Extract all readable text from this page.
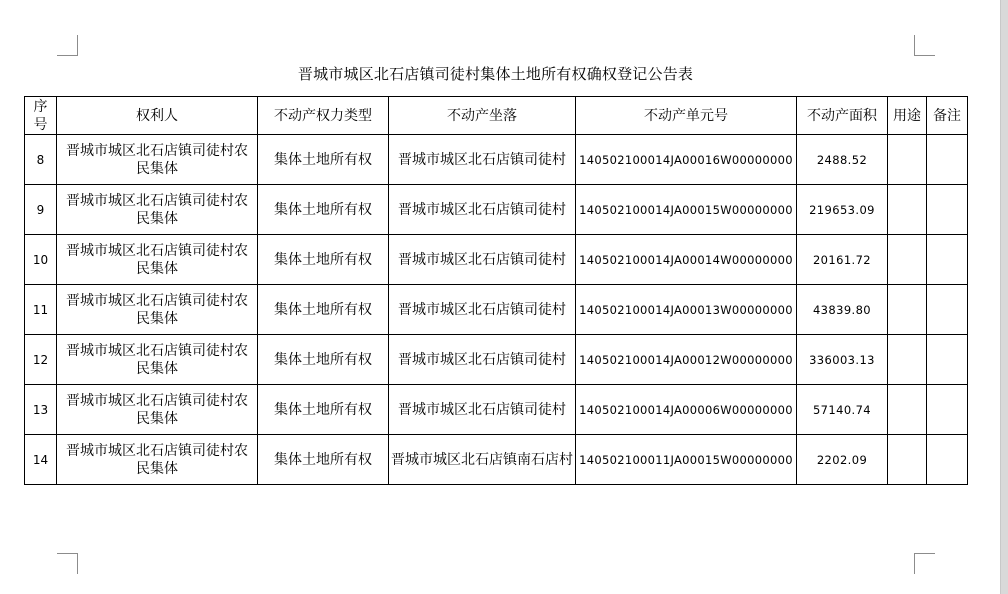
晋城市城区北石店镇司徒村集体土地所有权确权登记公告表
序号	权利人	不动产权力类型	不动产坐落	不动产单元号	不动产面积	用途	备注
8	晋城市城区北石店镇司徒村农民集体	集体土地所有权	晋城市城区北石店镇司徒村	140502100014JA00016W00000000	2488.52		
9	晋城市城区北石店镇司徒村农民集体	集体土地所有权	晋城市城区北石店镇司徒村	140502100014JA00015W00000000	219653.09		
10	晋城市城区北石店镇司徒村农民集体	集体土地所有权	晋城市城区北石店镇司徒村	140502100014JA00014W00000000	20161.72		
11	晋城市城区北石店镇司徒村农民集体	集体土地所有权	晋城市城区北石店镇司徒村	140502100014JA00013W00000000	43839.80		
12	晋城市城区北石店镇司徒村农民集体	集体土地所有权	晋城市城区北石店镇司徒村	140502100014JA00012W00000000	336003.13		
13	晋城市城区北石店镇司徒村农民集体	集体土地所有权	晋城市城区北石店镇司徒村	140502100014JA00006W00000000	57140.74		
14	晋城市城区北石店镇司徒村农民集体	集体土地所有权	晋城市城区北石店镇南石店村	140502100011JA00015W00000000	2202.09		
